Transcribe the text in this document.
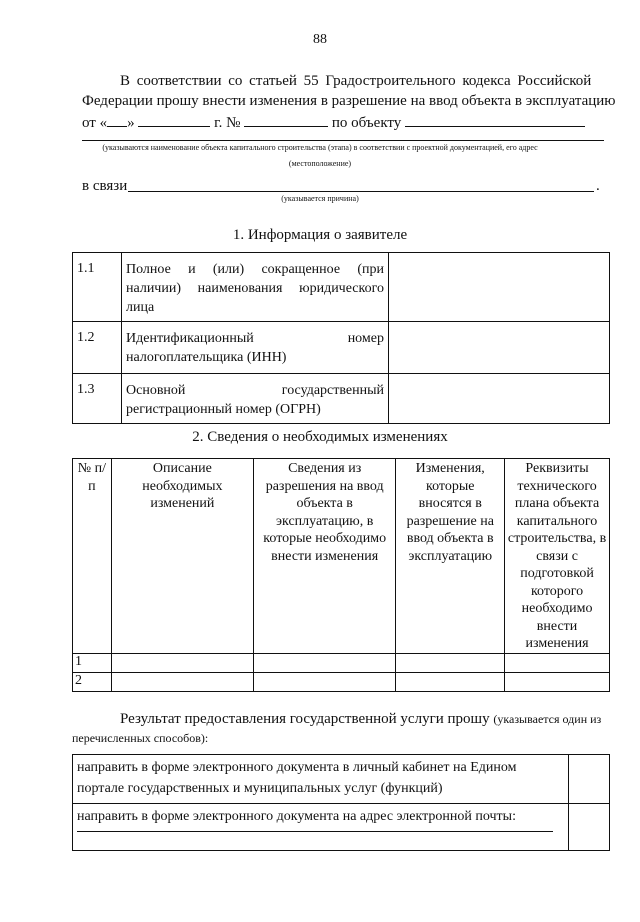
88
В соответствии со статьей 55 Градостроительного кодекса Российской
Федерации прошу внести изменения в разрешение на ввод объекта в эксплуатацию
от « »	г. №	по объекту
(указываются наименование объекта капитального строительства (этапа) в соответствии с проектной документацией, его адрес
(местоположение)
в связи	.
(указывается причина)
1. Информация о заявителе
1.1	Полное и (или) сокращенное (при наличии) наименования юридического лица	
1.2	Идентификационный номер налогоплательщика (ИНН)	
1.3	Основной государственный регистрационный номер (ОГРН)	
2. Сведения о необходимых изменениях
№ п/п	Описание необходимых изменений	Сведения из разрешения на ввод объекта в эксплуатацию, в которые необходимо внести изменения	Изменения, которые вносятся в разрешение на ввод объекта в эксплуатацию	Реквизиты технического плана объекта капитального строительства, в связи с подготовкой которого необходимо внести изменения
1				
2				
Результат предоставления государственной услуги прошу (указывается один из
перечисленных способов):
направить в форме электронного документа в личный кабинет на Едином портале государственных и муниципальных услуг (функций)	

направить в форме электронного документа на адрес электронной почты:	
